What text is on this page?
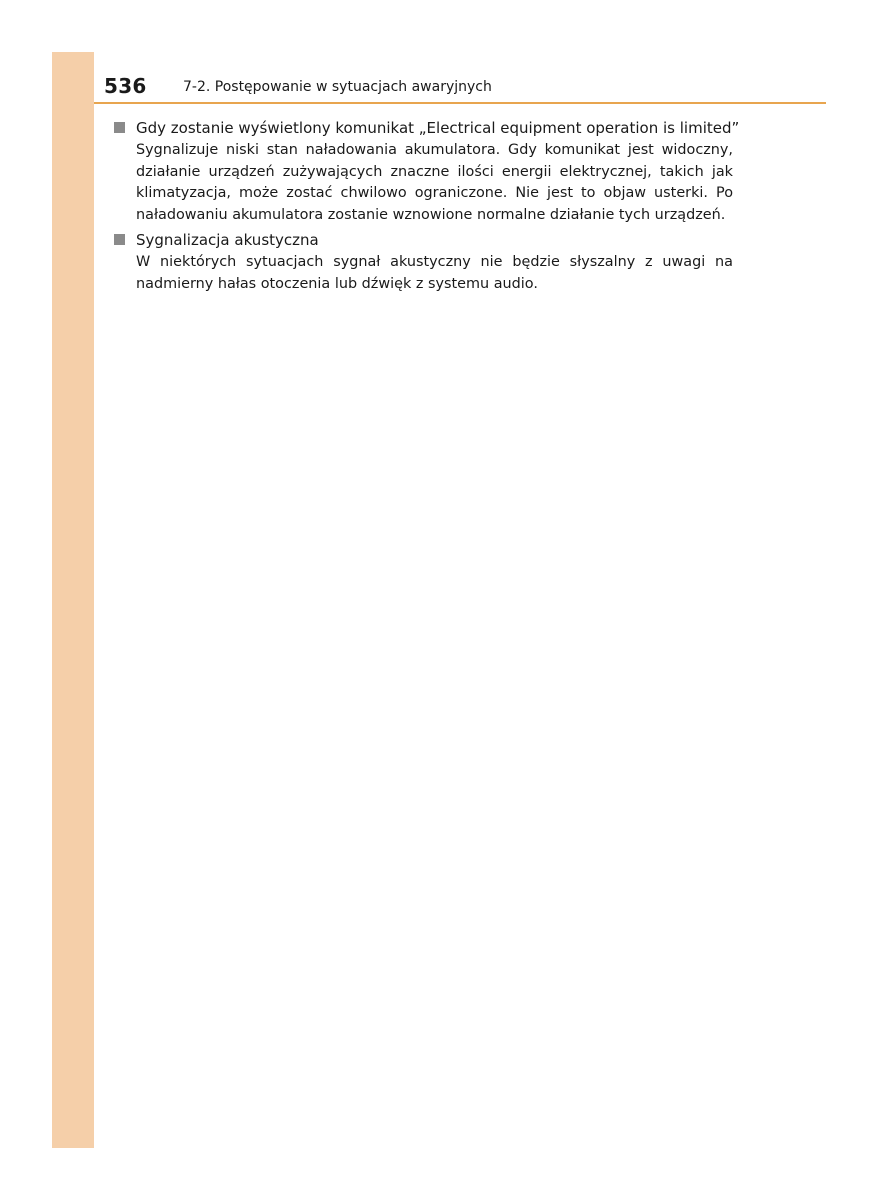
536	7-2. Postępowanie w sytuacjach awaryjnych
Gdy zostanie wyświetlony komunikat „Electrical equipment operation is limited”
Sygnalizuje niski stan naładowania akumulatora. Gdy komunikat jest widoczny, działanie urządzeń zużywających znaczne ilości energii elektrycznej, takich jak klimatyzacja, może zostać chwilowo ograniczone. Nie jest to objaw usterki. Po naładowaniu akumulatora zostanie wznowione normalne działanie tych urządzeń.
Sygnalizacja akustyczna
W niektórych sytuacjach sygnał akustyczny nie będzie słyszalny z uwagi na nadmierny hałas otoczenia lub dźwięk z systemu audio.
